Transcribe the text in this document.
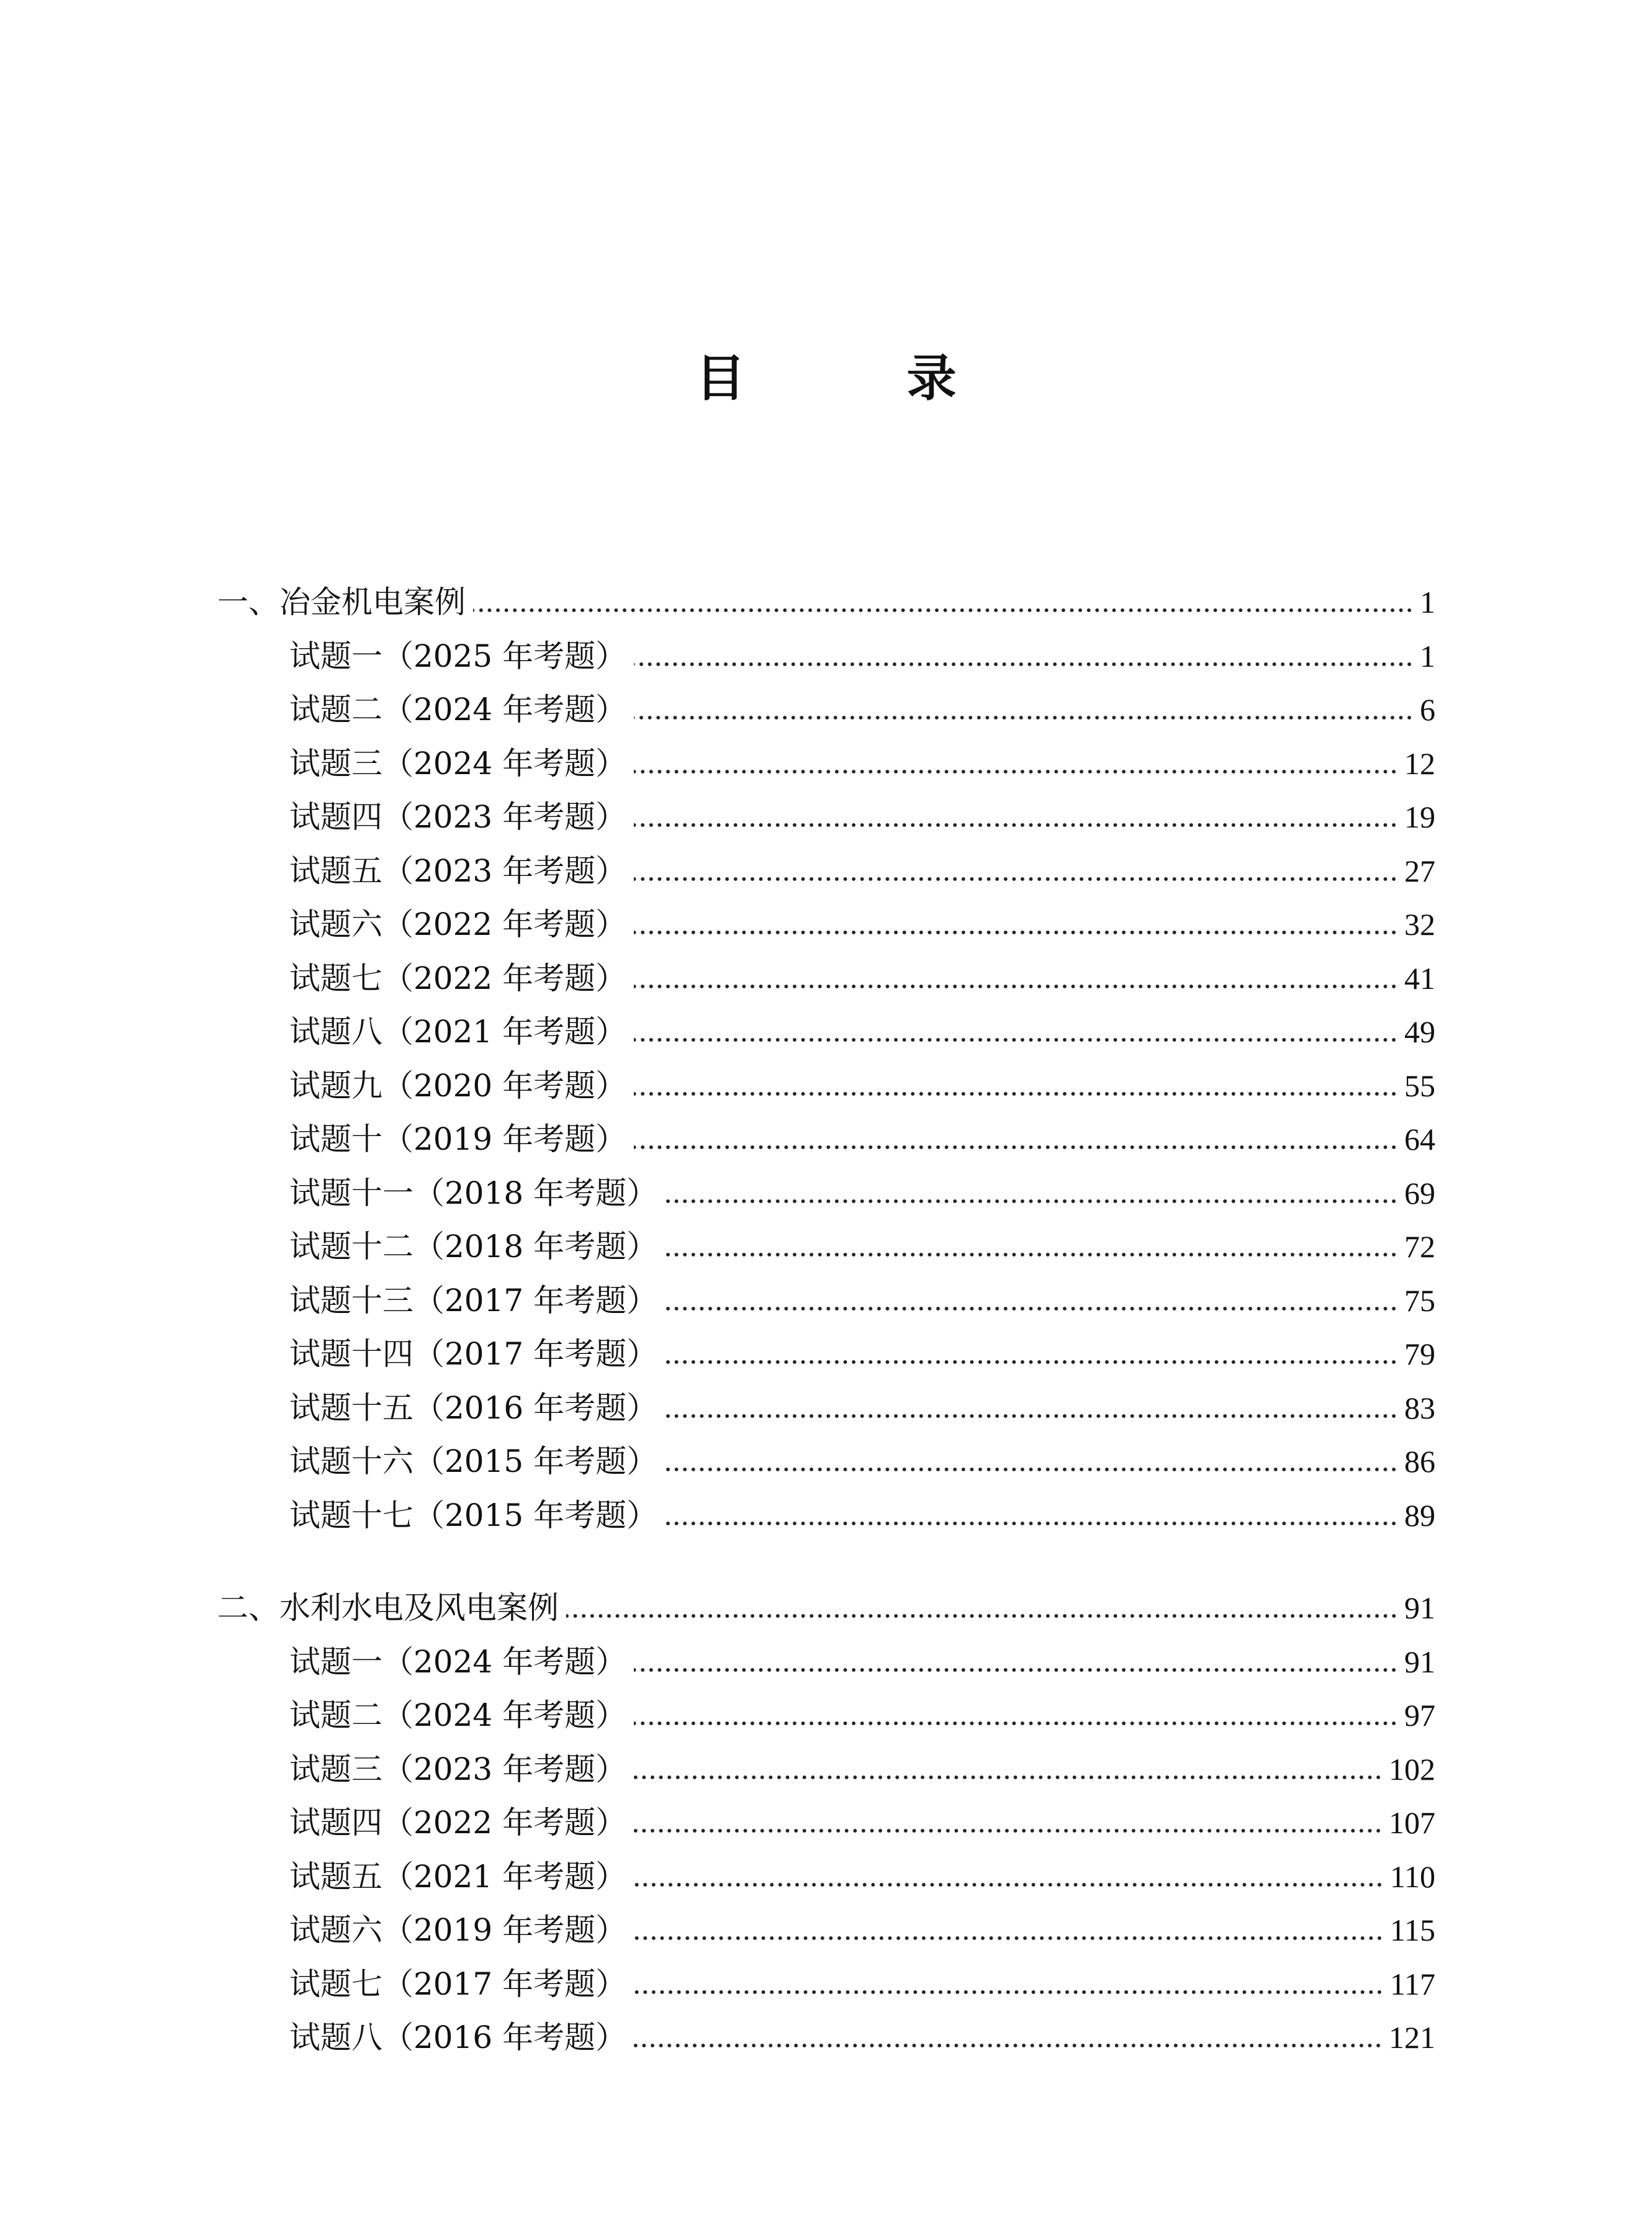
目　录
一、冶金机电案例	1
试题一（2025 年考题）	1
试题二（2024 年考题）	6
试题三（2024 年考题）	12
试题四（2023 年考题）	19
试题五（2023 年考题）	27
试题六（2022 年考题）	32
试题七（2022 年考题）	41
试题八（2021 年考题）	49
试题九（2020 年考题）	55
试题十（2019 年考题）	64
试题十一（2018 年考题）	69
试题十二（2018 年考题）	72
试题十三（2017 年考题）	75
试题十四（2017 年考题）	79
试题十五（2016 年考题）	83
试题十六（2015 年考题）	86
试题十七（2015 年考题）	89
二、水利水电及风电案例	91
试题一（2024 年考题）	91
试题二（2024 年考题）	97
试题三（2023 年考题）	102
试题四（2022 年考题）	107
试题五（2021 年考题）	110
试题六（2019 年考题）	115
试题七（2017 年考题）	117
试题八（2016 年考题）	121
